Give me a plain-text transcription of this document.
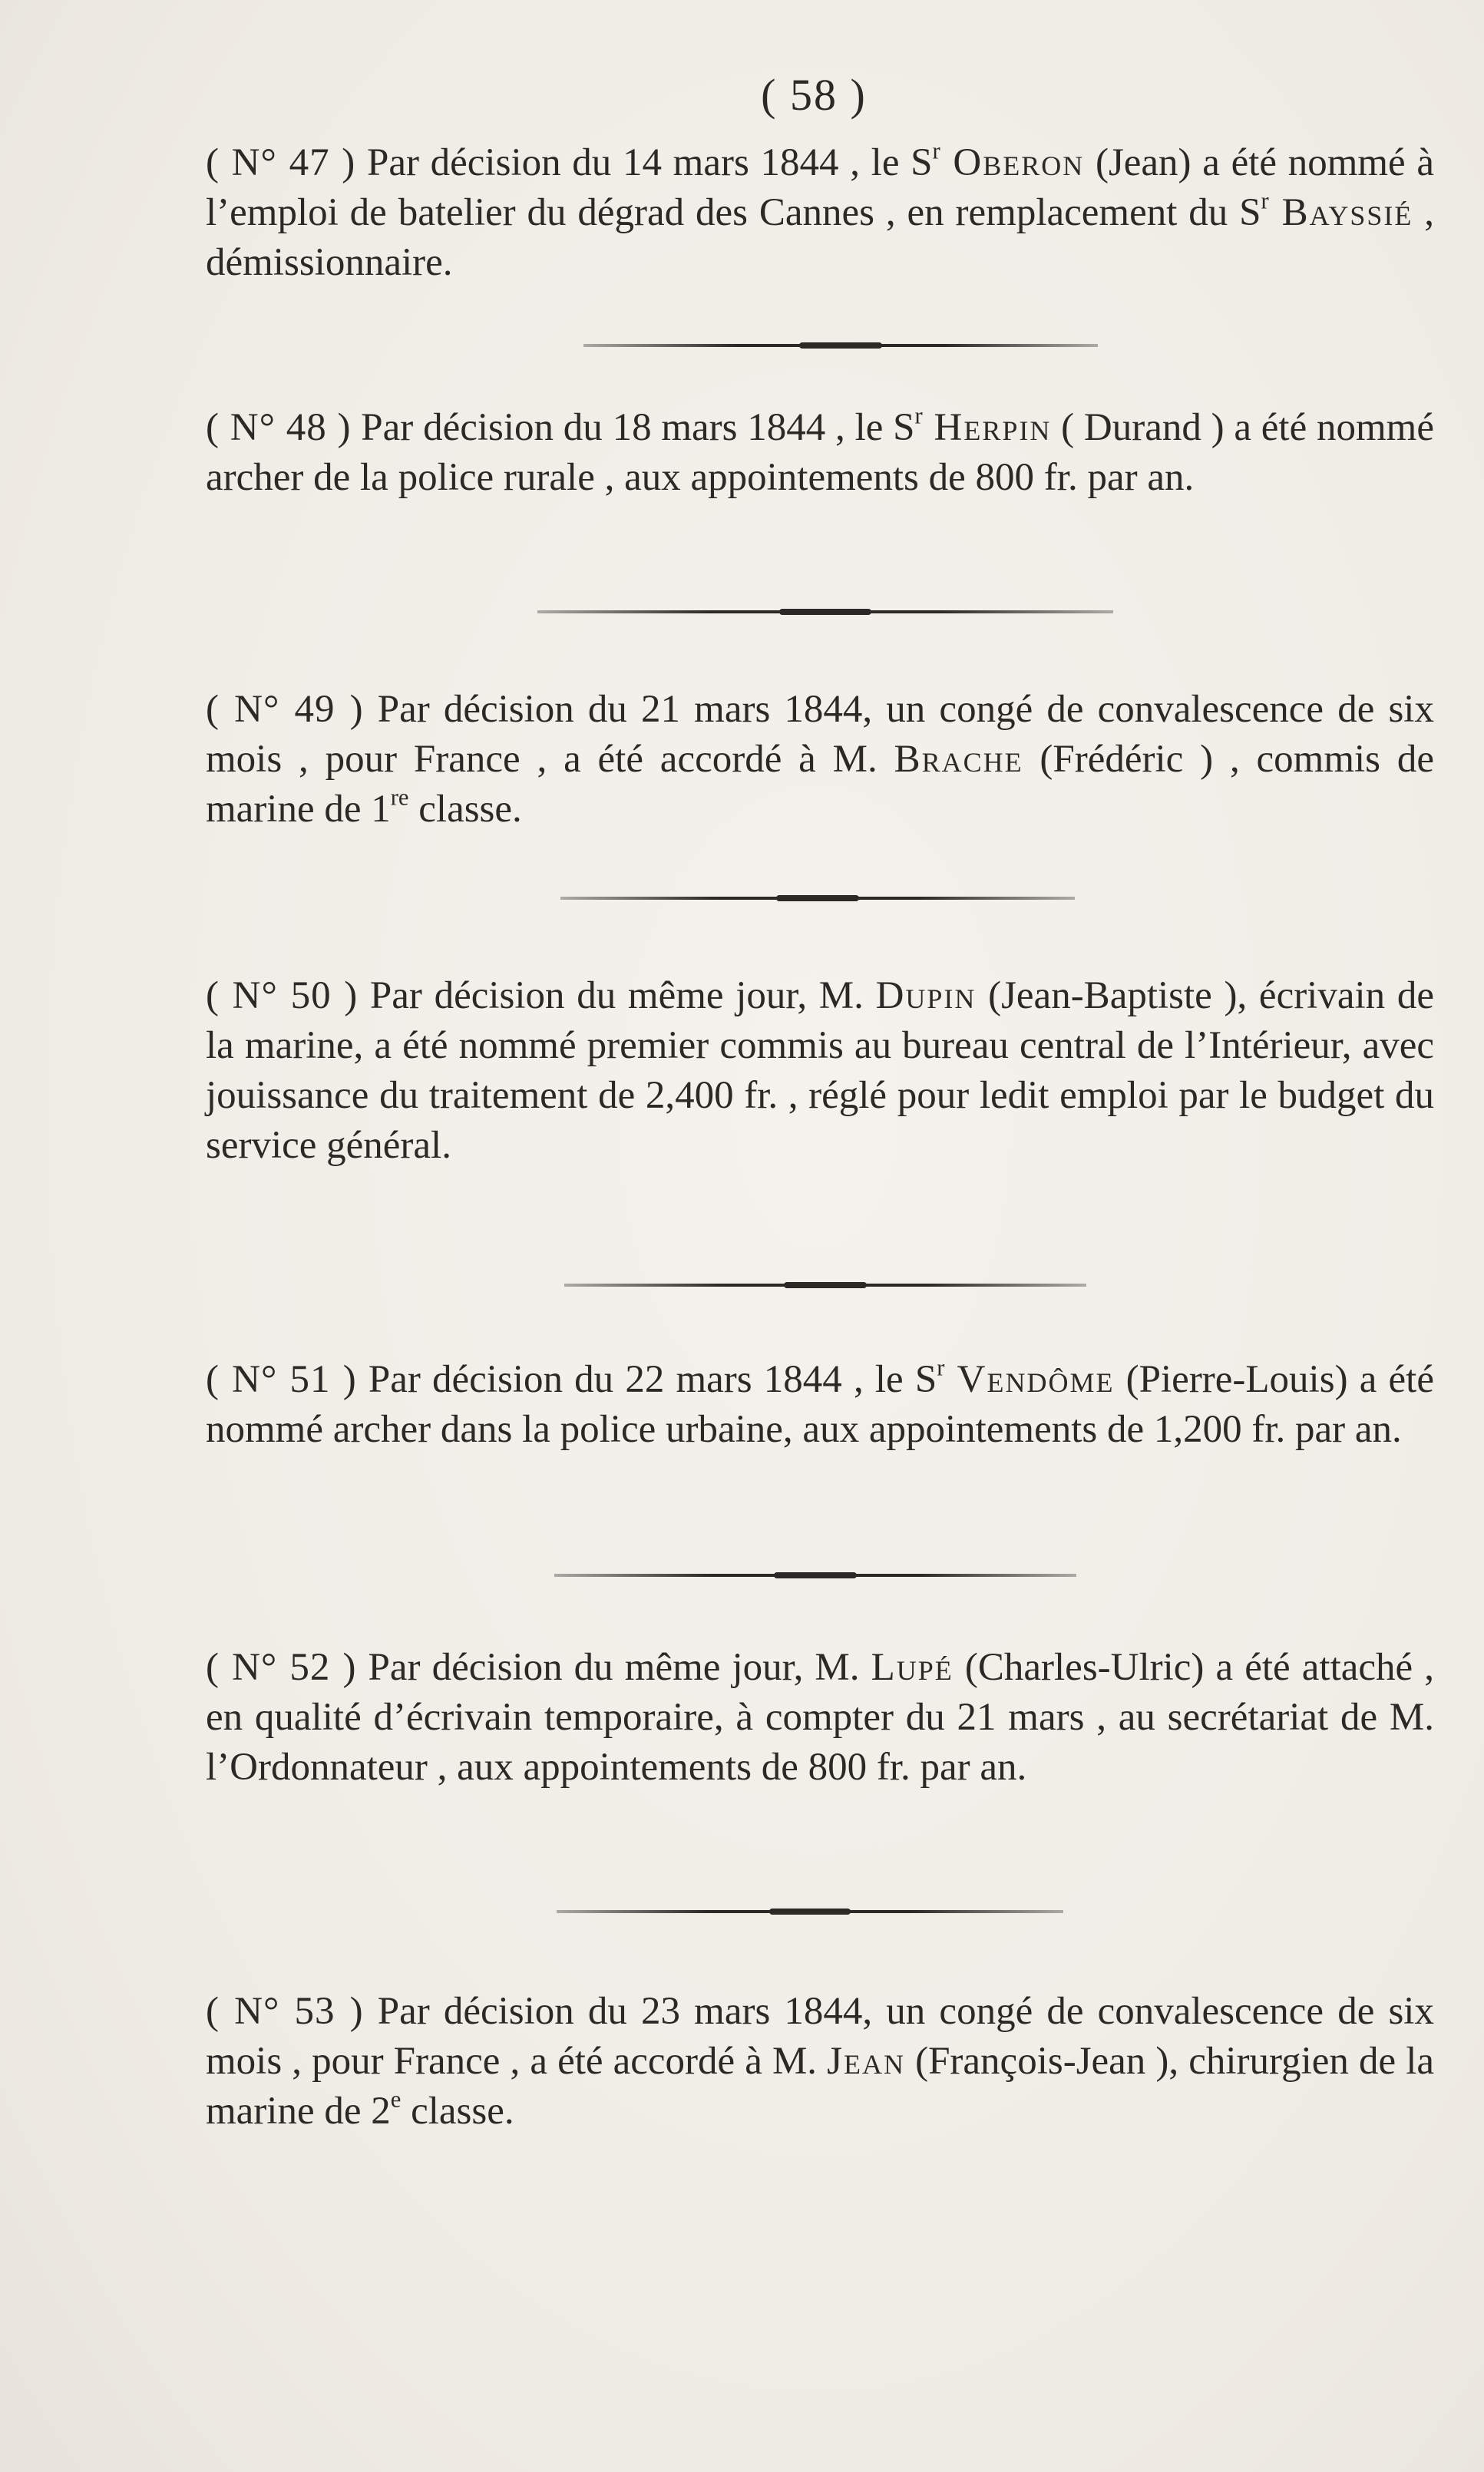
( 58 )

( N° 47 ) Par décision du 14 mars 1844 , le $S^r$ Oberon (Jean) a été nommé à l’emploi de batelier du dégrad des Cannes , en remplacement du $S^r$ Bayssié , démissionnaire.

( N° 48 ) Par décision du 18 mars 1844 , le $S^r$ Herpin ( Durand ) a été nommé archer de la police rurale , aux appointements de 800 fr. par an.

( N° 49 ) Par décision du 21 mars 1844, un congé de convalescence de six mois , pour France , a été accordé à M. Brache (Frédéric ) , commis de marine de 1re classe.

( N° 50 ) Par décision du même jour, M. Dupin (Jean-Baptiste ), écrivain de la marine, a été nommé premier commis au bureau central de l’Intérieur, avec jouissance du traitement de 2,400 fr. , réglé pour ledit emploi par le budget du service général.

( N° 51 ) Par décision du 22 mars 1844 , le $S^r$ Vendôme (Pierre-Louis) a été nommé archer dans la police urbaine, aux appointements de 1,200 fr. par an.

( N° 52 ) Par décision du même jour, M. Lupé (Charles-Ulric) a été attaché , en qualité d’écrivain temporaire, à compter du 21 mars , au secrétariat de M. l’Ordonnateur , aux appointements de 800 fr. par an.

( N° 53 ) Par décision du 23 mars 1844, un congé de convalescence de six mois , pour France , a été accordé à M. Jean (François-Jean ), chirurgien de la marine de 2e classe.
